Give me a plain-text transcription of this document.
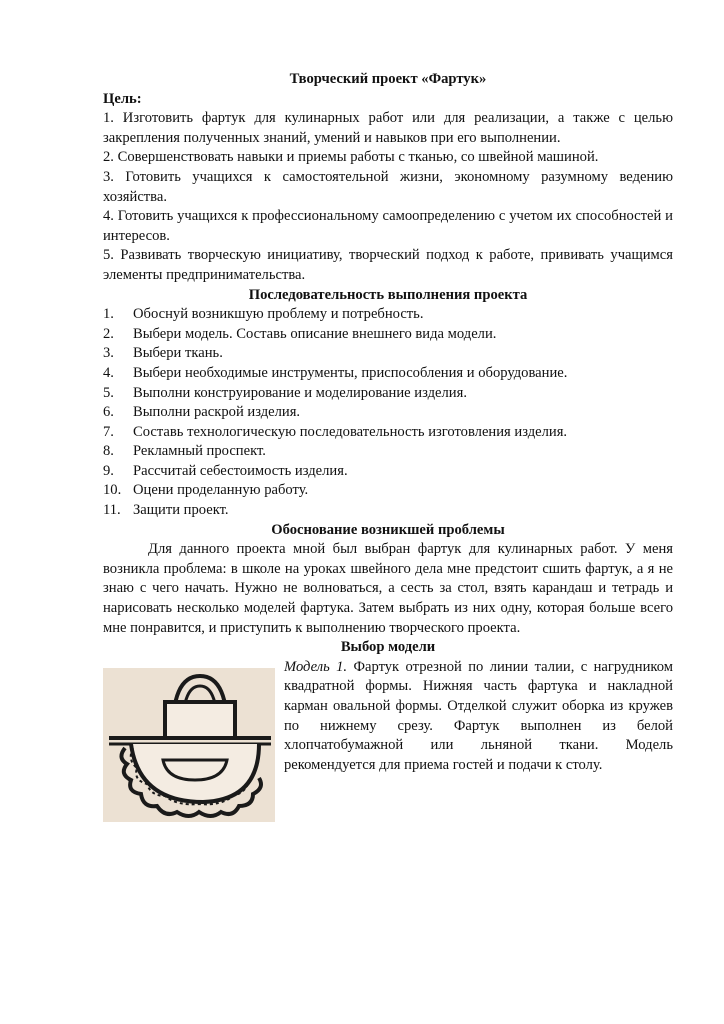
Творческий проект «Фартук»
Цель:
1. Изготовить фартук для кулинарных работ или для реализации, а также с целью закрепления полученных знаний, умений и навыков при его выполнении.
2. Совершенствовать навыки и приемы работы с тканью, со швейной машиной.
3. Готовить учащихся к самостоятельной жизни, экономному разумному ведению хозяйства.
4. Готовить учащихся к профессиональному самоопределению с учетом их способностей и интересов.
5. Развивать творческую инициативу, творческий подход к работе, прививать учащимся элементы предпринимательства.
Последовательность выполнения проекта
1. Обоснуй возникшую проблему и потребность.
2. Выбери модель. Составь описание внешнего вида модели.
3. Выбери ткань.
4. Выбери необходимые инструменты, приспособления и оборудование.
5. Выполни конструирование и моделирование изделия.
6. Выполни раскрой изделия.
7. Составь технологическую последовательность изготовления изделия.
8. Рекламный проспект.
9. Рассчитай себестоимость изделия.
10. Оцени проделанную работу.
11. Защити проект.
Обоснование возникшей проблемы
Для данного проекта мной был выбран фартук для кулинарных работ. У меня возникла проблема: в школе на уроках швейного дела мне предстоит сшить фартук, а я не знаю с чего начать. Нужно не волноваться, а сесть за стол, взять карандаш и тетрадь и нарисовать несколько моделей фартука. Затем выбрать из них одну, которая больше всего мне понравится, и приступить к выполнению творческого проекта.
Выбор модели
Модель 1. Фартук отрезной по линии талии, с нагрудником квадратной формы. Нижняя часть фартука и накладной карман овальной формы. Отделкой служит оборка из кружев по нижнему срезу. Фартук выполнен из белой хлопчатобумажной или льняной ткани. Модель рекомендуется для приема гостей и подачи к столу.
